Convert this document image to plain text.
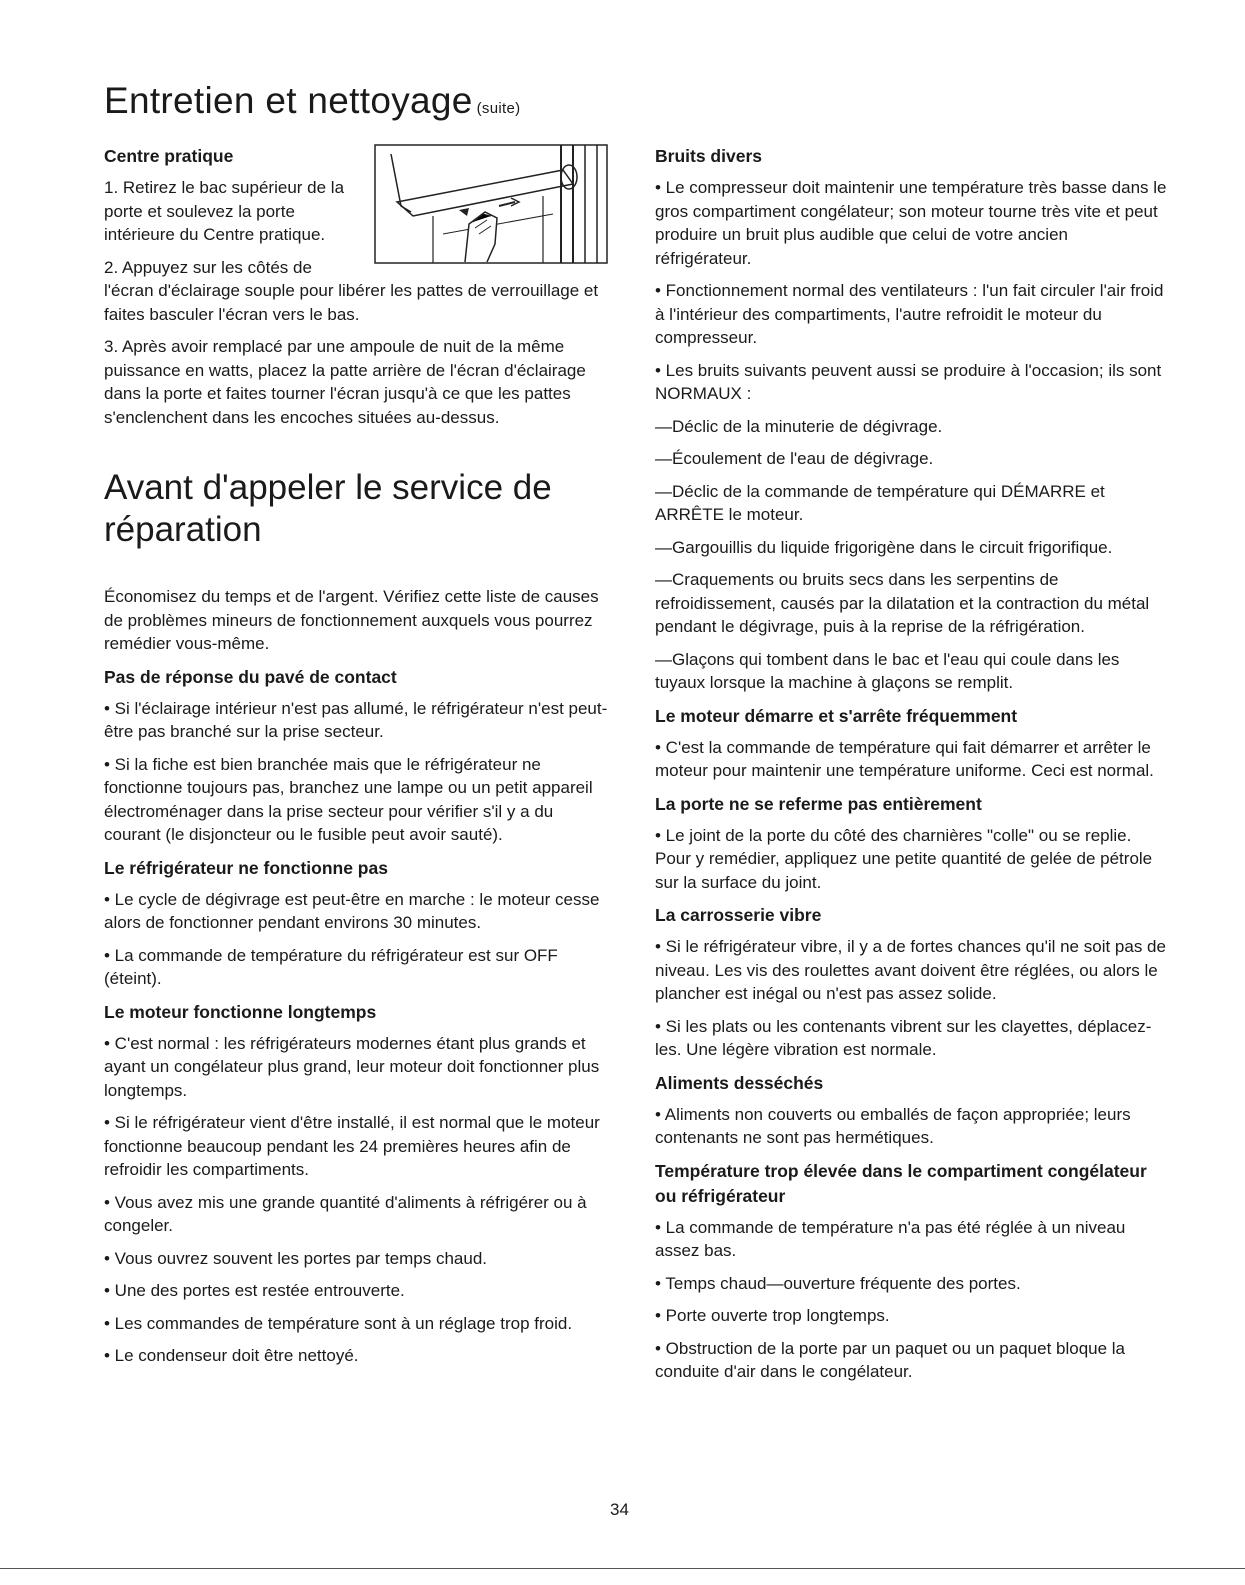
Entretien et nettoyage (suite)
Centre pratique

1. Retirez le bac supérieur de la porte et soulevez la porte intérieure du Centre pratique.

2. Appuyez sur les côtés de l'écran d'éclairage souple pour libérer les pattes de verrouillage et faites basculer l'écran vers le bas.

3. Après avoir remplacé par une ampoule de nuit de la même puissance en watts, placez la patte arrière de l'écran d'éclairage dans la porte et faites tourner l'écran jusqu'à ce que les pattes s'enclenchent dans les encoches situées au-dessus.

Avant d'appeler le service de réparation

Économisez du temps et de l'argent. Vérifiez cette liste de causes de problèmes mineurs de fonctionnement auxquels vous pourrez remédier vous-même.

Pas de réponse du pavé de contact

• Si l'éclairage intérieur n'est pas allumé, le réfrigérateur n'est peut-être pas branché sur la prise secteur.

• Si la fiche est bien branchée mais que le réfrigérateur ne fonctionne toujours pas, branchez une lampe ou un petit appareil électroménager dans la prise secteur pour vérifier s'il y a du courant (le disjoncteur ou le fusible peut avoir sauté).

Le réfrigérateur ne fonctionne pas

• Le cycle de dégivrage est peut-être en marche : le moteur cesse alors de fonctionner pendant environs 30 minutes.

• La commande de température du réfrigérateur est sur OFF (éteint).

Le moteur fonctionne longtemps

• C'est normal : les réfrigérateurs modernes étant plus grands et ayant un congélateur plus grand, leur moteur doit fonctionner plus longtemps.

• Si le réfrigérateur vient d'être installé, il est normal que le moteur fonctionne beaucoup pendant les 24 premières heures afin de refroidir les compartiments.

• Vous avez mis une grande quantité d'aliments à réfrigérer ou à congeler.

• Vous ouvrez souvent les portes par temps chaud.

• Une des portes est restée entrouverte.

• Les commandes de température sont à un réglage trop froid.

• Le condenseur doit être nettoyé.

Bruits divers

• Le compresseur doit maintenir une température très basse dans le gros compartiment congélateur; son moteur tourne très vite et peut produire un bruit plus audible que celui de votre ancien réfrigérateur.

• Fonctionnement normal des ventilateurs : l'un fait circuler l'air froid à l'intérieur des compartiments, l'autre refroidit le moteur du compresseur.

• Les bruits suivants peuvent aussi se produire à l'occasion; ils sont NORMAUX :

—Déclic de la minuterie de dégivrage.

—Écoulement de l'eau de dégivrage.

—Déclic de la commande de température qui DÉMARRE et ARRÊTE le moteur.

—Gargouillis du liquide frigorigène dans le circuit frigorifique.

—Craquements ou bruits secs dans les serpentins de refroidissement, causés par la dilatation et la contraction du métal pendant le dégivrage, puis à la reprise de la réfrigération.

—Glaçons qui tombent dans le bac et l'eau qui coule dans les tuyaux lorsque la machine à glaçons se remplit.

Le moteur démarre et s'arrête fréquemment

• C'est la commande de température qui fait démarrer et arrêter le moteur pour maintenir une température uniforme. Ceci est normal.

La porte ne se referme pas entièrement

• Le joint de la porte du côté des charnières "colle" ou se replie. Pour y remédier, appliquez une petite quantité de gelée de pétrole sur la surface du joint.

La carrosserie vibre

• Si le réfrigérateur vibre, il y a de fortes chances qu'il ne soit pas de niveau. Les vis des roulettes avant doivent être réglées, ou alors le plancher est inégal ou n'est pas assez solide.

• Si les plats ou les contenants vibrent sur les clayettes, déplacez-les. Une légère vibration est normale.

Aliments desséchés

• Aliments non couverts ou emballés de façon appropriée; leurs contenants ne sont pas hermétiques.

Température trop élevée dans le compartiment congélateur ou réfrigérateur

• La commande de température n'a pas été réglée à un niveau assez bas.

• Temps chaud—ouverture fréquente des portes.

• Porte ouverte trop longtemps.

• Obstruction de la porte par un paquet ou un paquet bloque la conduite d'air dans le congélateur.

34
